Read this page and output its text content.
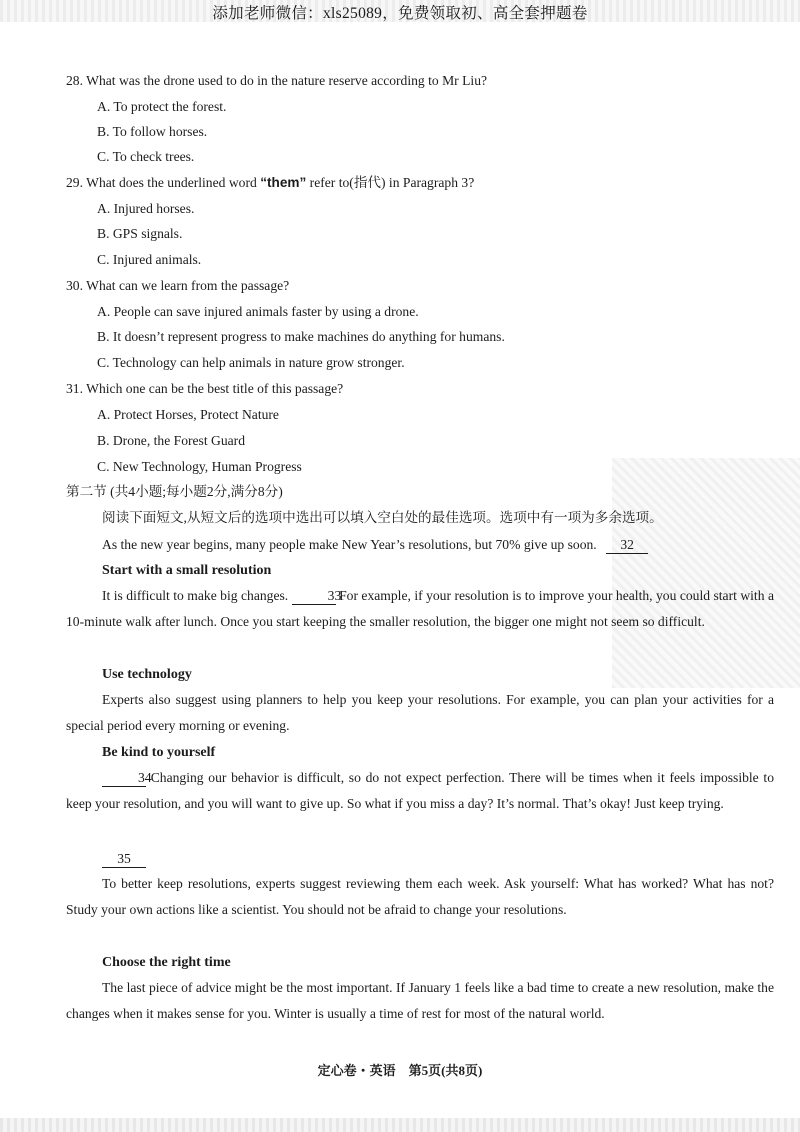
添加老师微信：xls25089，免费领取初、高全套押题卷
28. What was the drone used to do in the nature reserve according to Mr Liu?
A. To protect the forest.
B. To follow horses.
C. To check trees.
29. What does the underlined word “them” refer to(指代) in Paragraph 3?
A. Injured horses.
B. GPS signals.
C. Injured animals.
30. What can we learn from the passage?
A. People can save injured animals faster by using a drone.
B. It doesn’t represent progress to make machines do anything for humans.
C. Technology can help animals in nature grow stronger.
31. Which one can be the best title of this passage?
A. Protect Horses, Protect Nature
B. Drone, the Forest Guard
C. New Technology, Human Progress
第二节 (共4小题;每小题2分,满分8分)
阅读下面短文,从短文后的选项中选出可以填入空白处的最佳选项。选项中有一项为多余选项。
As the new year begins, many people make New Year’s resolutions, but 70% give up soon. 32
Start with a small resolution
It is difficult to make big changes.	33 For example, if your resolution is to improve your health, you could start with a 10-minute walk after lunch. Once you start keeping the smaller resolution, the bigger one might not seem so difficult.
Use technology
Experts also suggest using planners to help you keep your resolutions. For example, you can plan your activities for a special period every morning or evening.
Be kind to yourself
34 Changing our behavior is difficult, so do not expect perfection. There will be times when it feels impossible to keep your resolution, and you will want to give up. So what if you miss a day? It’s normal. That’s okay! Just keep trying.
35
To better keep resolutions, experts suggest reviewing them each week. Ask yourself: What has worked? What has not? Study your own actions like a scientist. You should not be afraid to change your resolutions.
Choose the right time
The last piece of advice might be the most important. If January 1 feels like a bad time to create a new resolution, make the changes when it makes sense for you. Winter is usually a time of rest for most of the natural world.
定心卷・英语　第5页(共8页)
